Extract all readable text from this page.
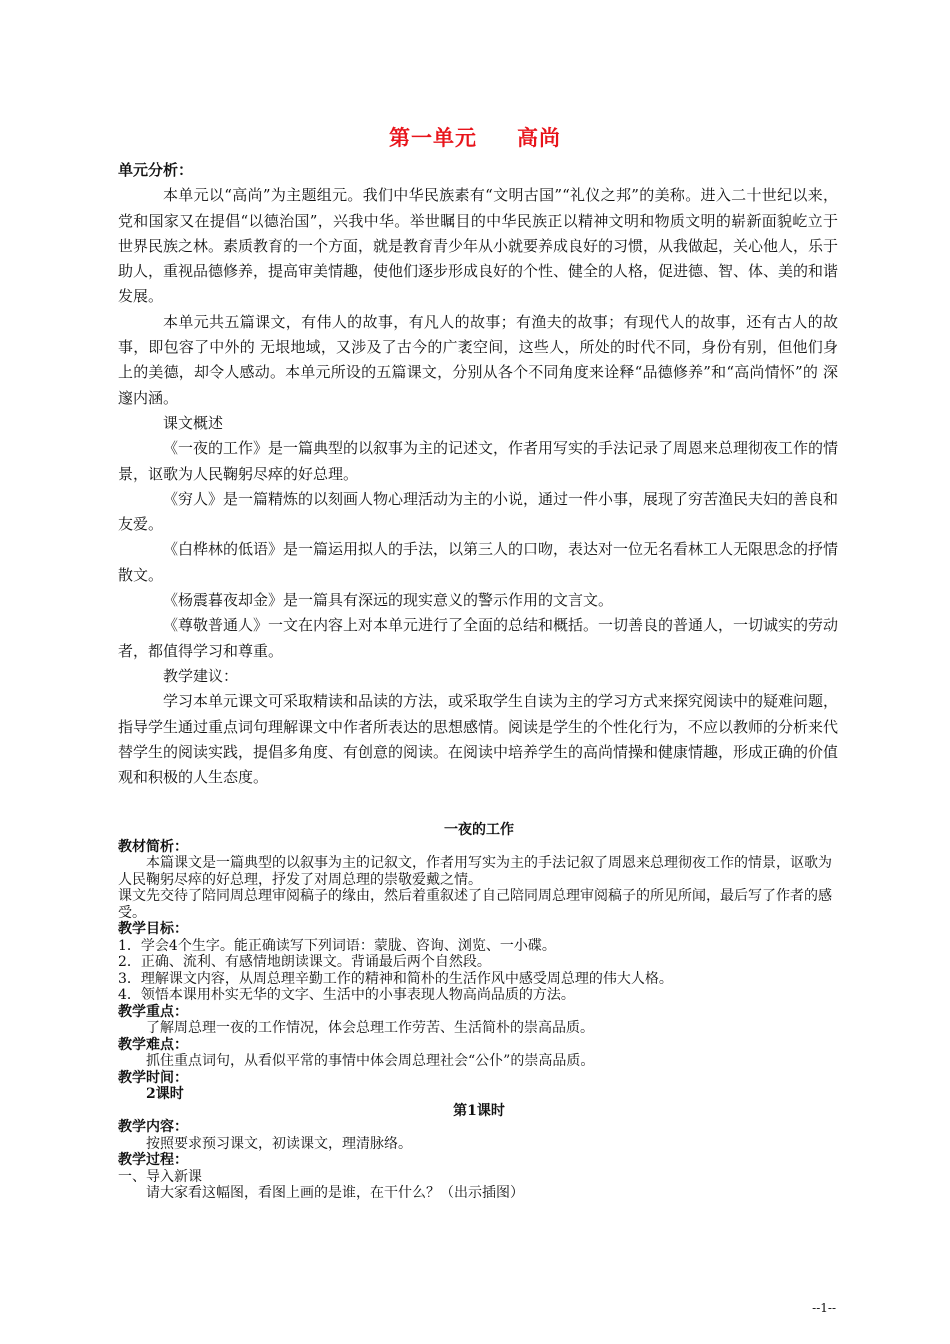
第一单元 高尚
单元分析：

本单元以“高尚”为主题组元。我们中华民族素有“文明古国”“礼仪之邦”的美称。进入二十世纪以来，党和国家又在提倡“以德治国”，兴我中华。举世瞩目的中华民族正以精神文明和物质文明的崭新面貌屹立于世界民族之林。素质教育的一个方面，就是教育青少年从小就要养成良好的习惯，从我做起，关心他人，乐于助人，重视品德修养，提高审美情趣，使他们逐步形成良好的个性、健全的人格，促进德、智、体、美的和谐发展。

本单元共五篇课文，有伟人的故事，有凡人的故事；有渔夫的故事；有现代人的故事，还有古人的故事，即包容了中外的 无垠地域，又涉及了古今的广袤空间，这些人，所处的时代不同，身份有别，但他们身上的美德，却令人感动。本单元所设的五篇课文，分别从各个不同角度来诠释“品德修养”和“高尚情怀”的 深邃内涵。

课文概述

《一夜的工作》是一篇典型的以叙事为主的记述文，作者用写实的手法记录了周恩来总理彻夜工作的情景，讴歌为人民鞠躬尽瘁的好总理。

《穷人》是一篇精炼的以刻画人物心理活动为主的小说，通过一件小事，展现了穷苦渔民夫妇的善良和友爱。

《白桦林的低语》是一篇运用拟人的手法，以第三人的口吻，表达对一位无名看林工人无限思念的抒情散文。

《杨震暮夜却金》是一篇具有深远的现实意义的警示作用的文言文。

《尊敬普通人》一文在内容上对本单元进行了全面的总结和概括。一切善良的普通人，一切诚实的劳动者，都值得学习和尊重。

教学建议：

学习本单元课文可采取精读和品读的方法，或采取学生自读为主的学习方式来探究阅读中的疑难问题，指导学生通过重点词句理解课文中作者所表达的思想感情。阅读是学生的个性化行为，不应以教师的分析来代替学生的阅读实践，提倡多角度、有创意的阅读。在阅读中培养学生的高尚情操和健康情趣，形成正确的价值观和积极的人生态度。

一夜的工作
教材简析：
本篇课文是一篇典型的以叙事为主的记叙文，作者用写实为主的手法记叙了周恩来总理彻夜工作的情景，讴歌为人民鞠躬尽瘁的好总理，抒发了对周总理的崇敬爱戴之情。
课文先交待了陪同周总理审阅稿子的缘由，然后着重叙述了自己陪同周总理审阅稿子的所见所闻，最后写了作者的感受。
教学目标：
1．学会4个生字。能正确读写下列词语：蒙胧、咨询、浏览、一小碟。
2．正确、流利、有感情地朗读课文。背诵最后两个自然段。
3．理解课文内容，从周总理辛勤工作的精神和简朴的生活作风中感受周总理的伟大人格。
4．领悟本课用朴实无华的文字、生活中的小事表现人物高尚品质的方法。
教学重点：
了解周总理一夜的工作情况，体会总理工作劳苦、生活简朴的崇高品质。
教学难点：
抓住重点词句，从看似平常的事情中体会周总理社会“公仆”的崇高品质。
教学时间：
2课时
第1课时
教学内容：
按照要求预习课文，初读课文，理清脉络。
教学过程：
一、导入新课
请大家看这幅图，看图上画的是谁，在干什么？（出示插图）
--1--
